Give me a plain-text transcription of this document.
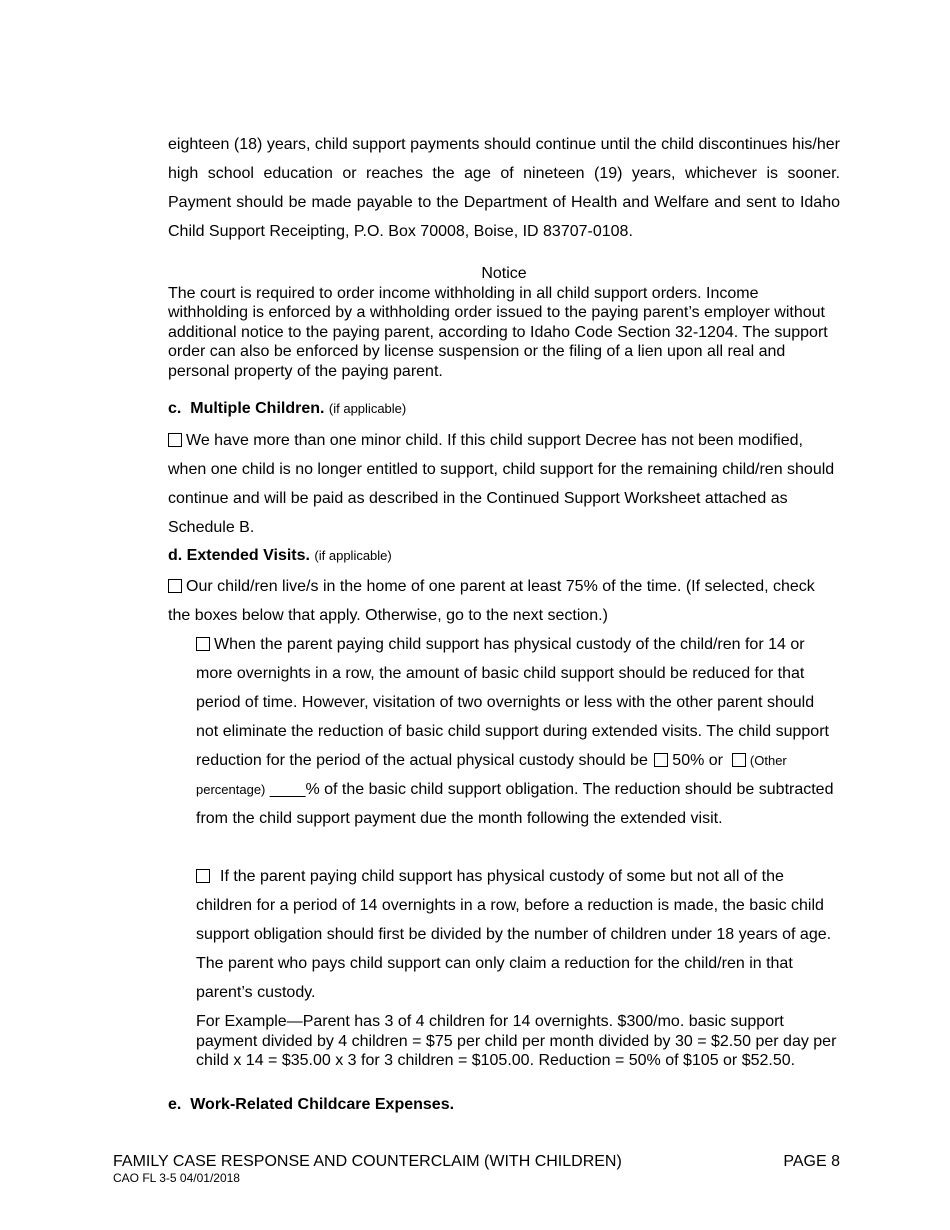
eighteen (18) years, child support payments should continue until the child discontinues his/her high school education or reaches the age of nineteen (19) years, whichever is sooner. Payment should be made payable to the Department of Health and Welfare and sent to Idaho Child Support Receipting, P.O. Box 70008, Boise, ID 83707-0108.

Notice

The court is required to order income withholding in all child support orders. Income withholding is enforced by a withholding order issued to the paying parent’s employer without additional notice to the paying parent, according to Idaho Code Section 32-1204. The support order can also be enforced by license suspension or the filing of a lien upon all real and personal property of the paying parent.

c. Multiple Children. (if applicable)

We have more than one minor child. If this child support Decree has not been modified, when one child is no longer entitled to support, child support for the remaining child/ren should continue and will be paid as described in the Continued Support Worksheet attached as Schedule B.

d. Extended Visits. (if applicable)

Our child/ren live/s in the home of one parent at least 75% of the time. (If selected, check the boxes below that apply. Otherwise, go to the next section.)

When the parent paying child support has physical custody of the child/ren for 14 or more overnights in a row, the amount of basic child support should be reduced for that period of time. However, visitation of two overnights or less with the other parent should not eliminate the reduction of basic child support during extended visits. The child support reduction for the period of the actual physical custody should be 50% or (Other percentage) ____% of the basic child support obligation. The reduction should be subtracted from the child support payment due the month following the extended visit.

If the parent paying child support has physical custody of some but not all of the children for a period of 14 overnights in a row, before a reduction is made, the basic child support obligation should first be divided by the number of children under 18 years of age. The parent who pays child support can only claim a reduction for the child/ren in that parent’s custody.

For Example—Parent has 3 of 4 children for 14 overnights. $300/mo. basic support payment divided by 4 children = $75 per child per month divided by 30 = $2.50 per day per child x 14 = $35.00 x 3 for 3 children = $105.00. Reduction = 50% of $105 or $52.50.

e. Work-Related Childcare Expenses.
FAMILY CASE RESPONSE AND COUNTERCLAIM (WITH CHILDREN)	PAGE 8
CAO FL 3-5 04/01/2018
